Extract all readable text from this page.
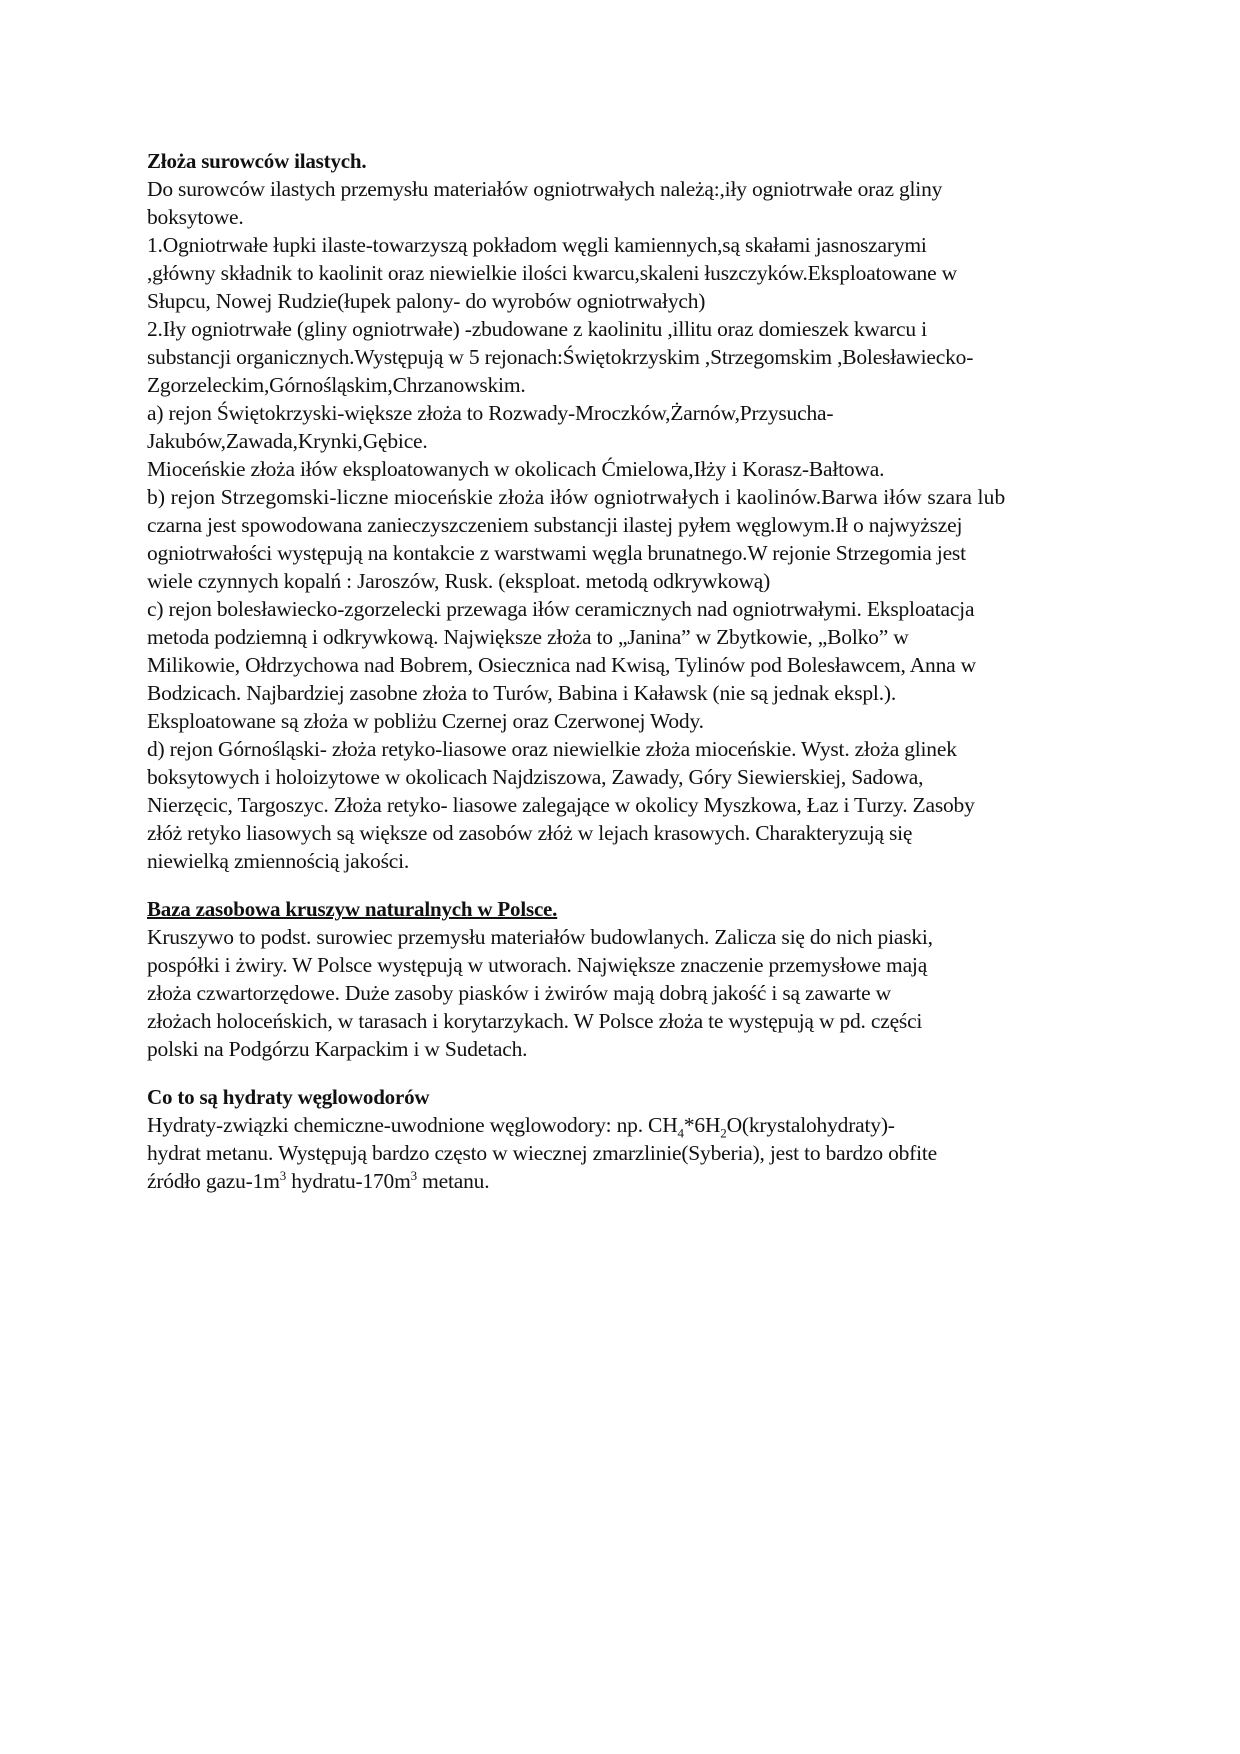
Złoża surowców ilastych.
Do surowców ilastych przemysłu materiałów ogniotrwałych należą:,iły ogniotrwałe oraz gliny
boksytowe.
1.Ogniotrwałe łupki ilaste-towarzyszą pokładom węgli kamiennych,są skałami jasnoszarymi
,główny składnik to kaolinit oraz niewielkie ilości kwarcu,skaleni łuszczyków.Eksploatowane w
Słupcu, Nowej Rudzie(łupek palony- do wyrobów ogniotrwałych)
2.Iły ogniotrwałe (gliny ogniotrwałe) -zbudowane z kaolinitu ,illitu oraz domieszek kwarcu i
substancji organicznych.Występują w 5 rejonach:Świętokrzyskim ,Strzegomskim ,Bolesławiecko-
Zgorzeleckim,Górnośląskim,Chrzanowskim.
a) rejon Świętokrzyski-większe złoża to Rozwady-Mroczków,Żarnów,Przysucha-
Jakubów,Zawada,Krynki,Gębice.
Mioceńskie złoża iłów eksploatowanych w okolicach Ćmielowa,Iłży i Korasz-Bałtowa.
b) rejon Strzegomski-liczne mioceńskie złoża iłów ogniotrwałych i kaolinów.Barwa iłów szara lub
czarna jest spowodowana zanieczyszczeniem substancji ilastej pyłem węglowym.Ił o najwyższej
ogniotrwałości występują na kontakcie z warstwami węgla brunatnego.W rejonie Strzegomia jest
wiele czynnych kopalń : Jaroszów, Rusk. (eksploat. metodą odkrywkową)
c) rejon bolesławiecko-zgorzelecki przewaga iłów ceramicznych nad ogniotrwałymi. Eksploatacja
metoda podziemną i odkrywkową. Największe złoża to „Janina” w Zbytkowie, „Bolko” w
Milikowie, Ołdrzychowa nad Bobrem, Osiecznica nad Kwisą, Tylinów pod Bolesławcem, Anna w
Bodzicach. Najbardziej zasobne złoża to Turów, Babina i Kaławsk (nie są jednak ekspl.).
Eksploatowane są złoża w pobliżu Czernej oraz Czerwonej Wody.
d) rejon Górnośląski- złoża retyko-liasowe oraz niewielkie złoża mioceńskie. Wyst. złoża glinek
boksytowych i holoizytowe w okolicach Najdziszowa, Zawady, Góry Siewierskiej, Sadowa,
Nierzęcic, Targoszyc. Złoża retyko- liasowe zalegające w okolicy Myszkowa, Łaz i Turzy. Zasoby
złóż retyko liasowych są większe od zasobów złóż w lejach krasowych. Charakteryzują się
niewielką zmiennością jakości.
Baza zasobowa kruszyw naturalnych w Polsce.
Kruszywo to podst. surowiec przemysłu materiałów budowlanych. Zalicza się do nich piaski,
pospółki i żwiry. W Polsce występują w utworach. Największe znaczenie przemysłowe mają
złoża czwartorzędowe. Duże zasoby piasków i żwirów mają dobrą jakość i są zawarte w
złożach holoceńskich, w tarasach i korytarzykach. W Polsce złoża te występują w pd. części
polski na Podgórzu Karpackim i w Sudetach.
Co to są hydraty węglowodorów
Hydraty-związki chemiczne-uwodnione węglowodory: np. $CH_4*6H_2O(krystalohydraty)-$
hydrat metanu. Występują bardzo często w wiecznej zmarzlinie(Syberia), jest to bardzo obfite
źródło gazu-$1m^3$ hydratu-$170m^3$ metanu.
